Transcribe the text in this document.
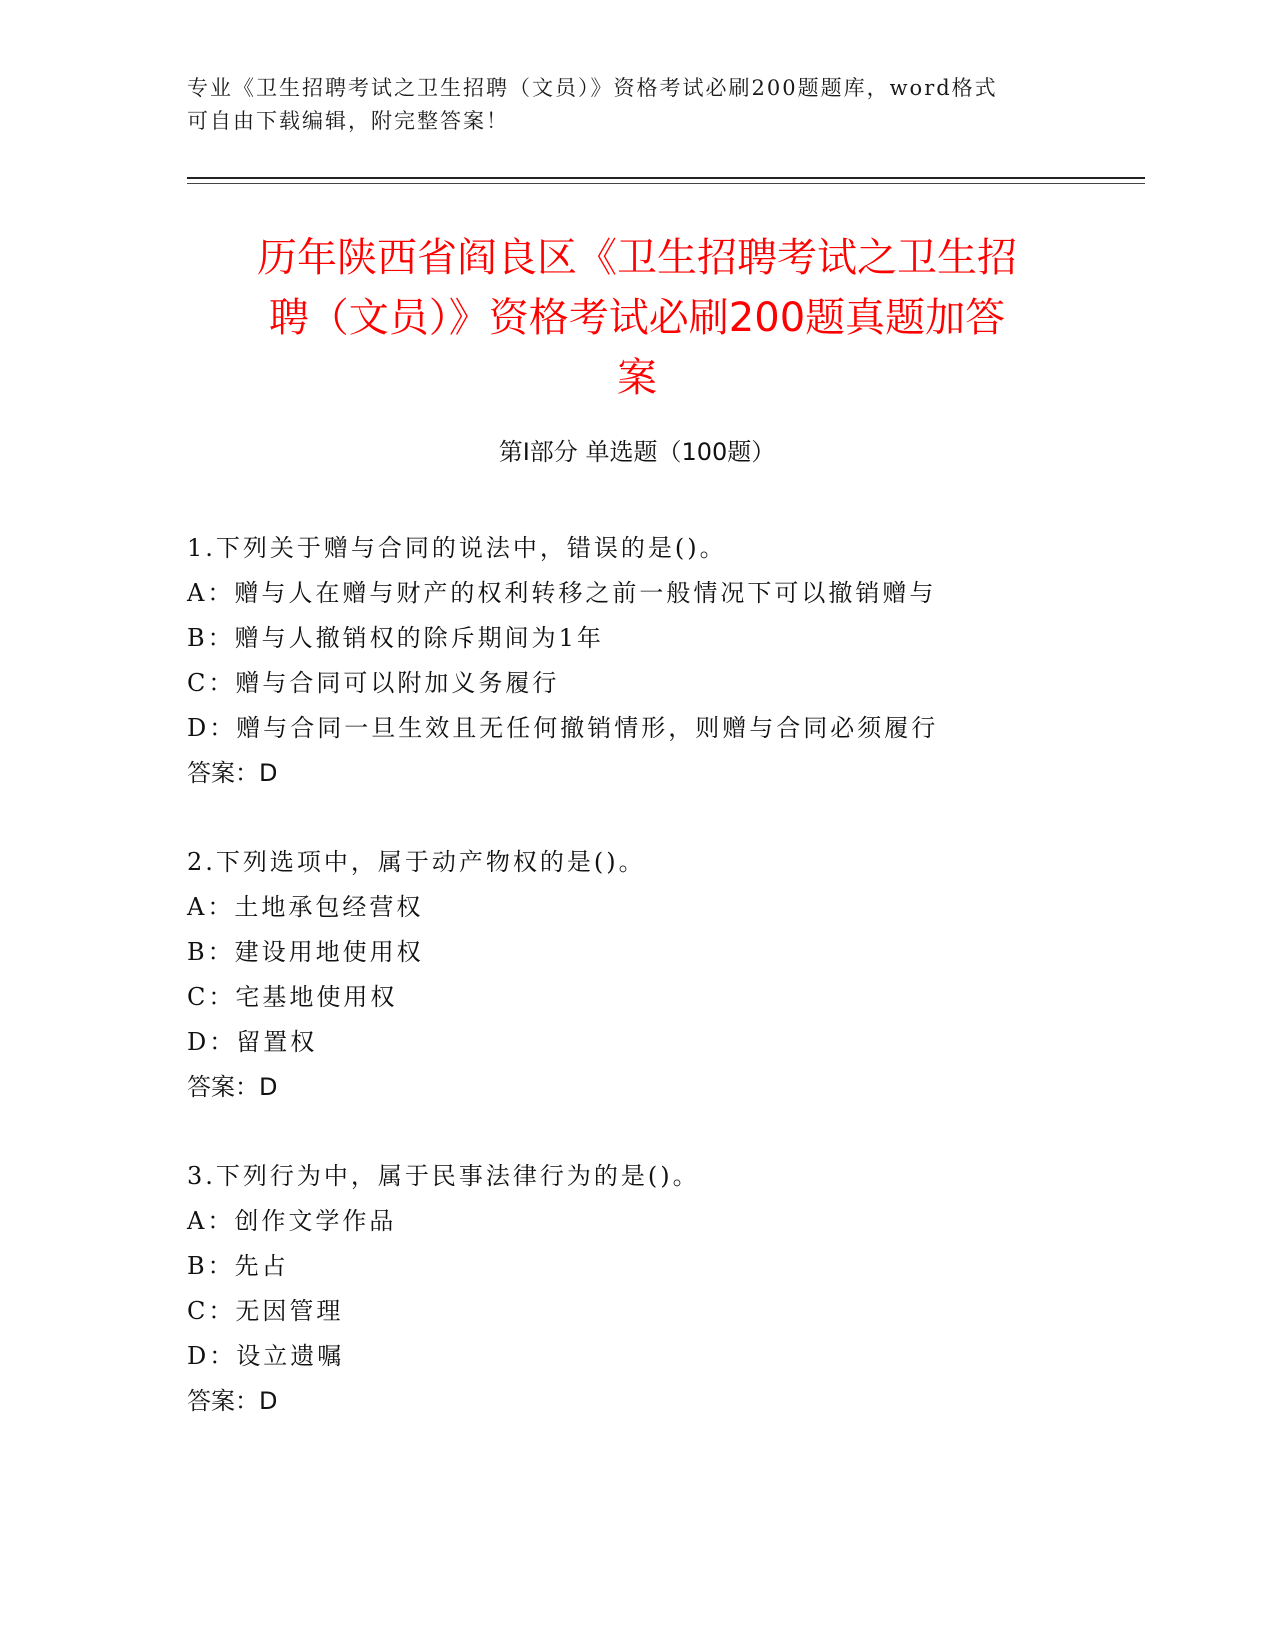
专业《卫生招聘考试之卫生招聘（文员）》资格考试必刷200题题库，word格式
可自由下载编辑，附完整答案！
历年陕西省阎良区《卫生招聘考试之卫生招
聘（文员）》资格考试必刷200题真题加答
案
第Ⅰ部分 单选题（100题）
1.下列关于赠与合同的说法中，错误的是()。
A：赠与人在赠与财产的权利转移之前一般情况下可以撤销赠与
B：赠与人撤销权的除斥期间为1年
C：赠与合同可以附加义务履行
D：赠与合同一旦生效且无任何撤销情形，则赠与合同必须履行
答案：D
2.下列选项中，属于动产物权的是()。
A：土地承包经营权
B：建设用地使用权
C：宅基地使用权
D：留置权
答案：D
3.下列行为中，属于民事法律行为的是()。
A：创作文学作品
B：先占
C：无因管理
D：设立遗嘱
答案：D
